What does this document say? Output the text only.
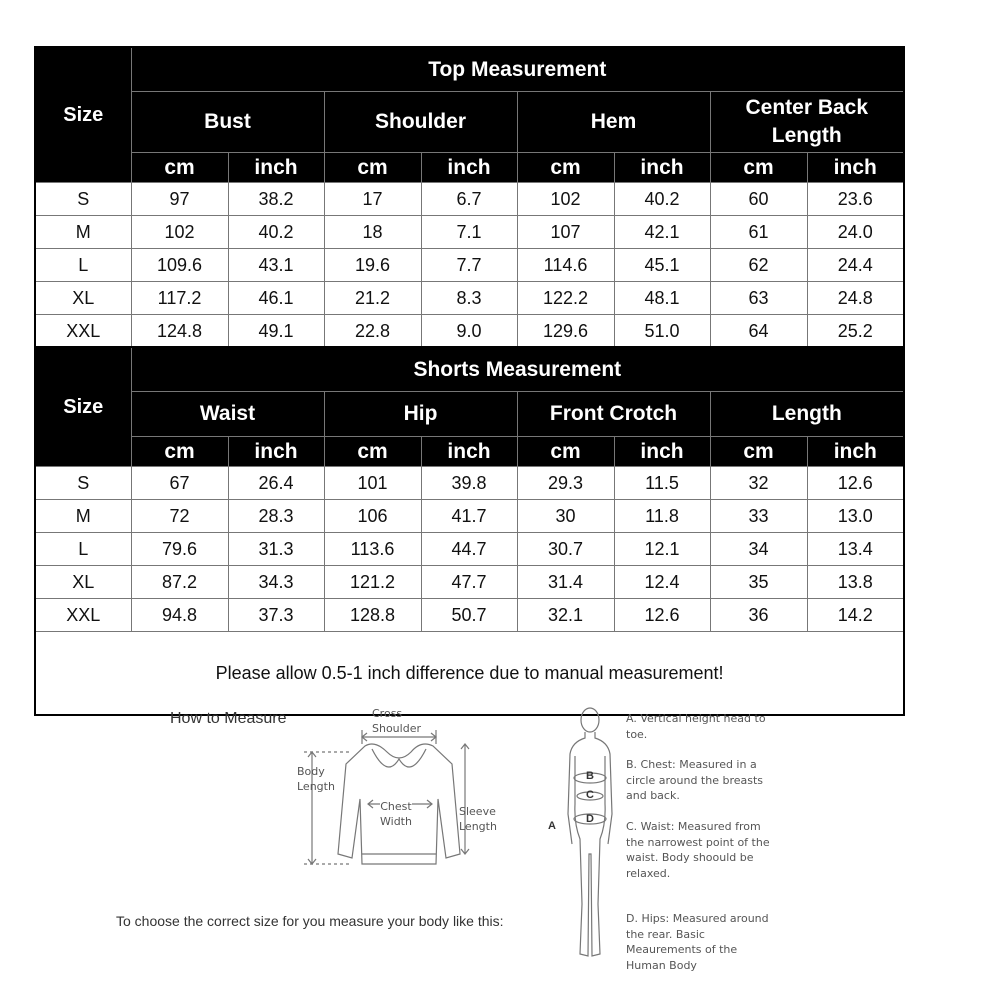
Size	Top Measurement							
	Bust		Shoulder		Hem		Center Back Length	
	cm	inch	cm	inch	cm	inch	cm	inch
S	97	38.2	17	6.7	102	40.2	60	23.6
M	102	40.2	18	7.1	107	42.1	61	24.0
L	109.6	43.1	19.6	7.7	114.6	45.1	62	24.4
XL	117.2	46.1	21.2	8.3	122.2	48.1	63	24.8
XXL	124.8	49.1	22.8	9.0	129.6	51.0	64	25.2
Size	Shorts Measurement							
	Waist		Hip		Front Crotch		Length	
	cm	inch	cm	inch	cm	inch	cm	inch
S	67	26.4	101	39.8	29.3	11.5	32	12.6
M	72	28.3	106	41.7	30	11.8	33	13.0
L	79.6	31.3	113.6	44.7	30.7	12.1	34	13.4
XL	87.2	34.3	121.2	47.7	31.4	12.4	35	13.8
XXL	94.8	37.3	128.8	50.7	32.1	12.6	36	14.2
Please allow 0.5-1 inch difference due to manual measurement!								
How to Measure	Cross
Shoulder
Body
Length
Chest
Width
Sleeve
Length
To choose the correct size for you measure your body like this:
B
C
D
A
A. Vertical height head to toe.
B. Chest: Measured in a circle around the breasts and back.
C. Waist: Measured from the narrowest point of the waist. Body shoould be relaxed.
D. Hips: Measured around the rear. Basic Meaurements of the Human Body
